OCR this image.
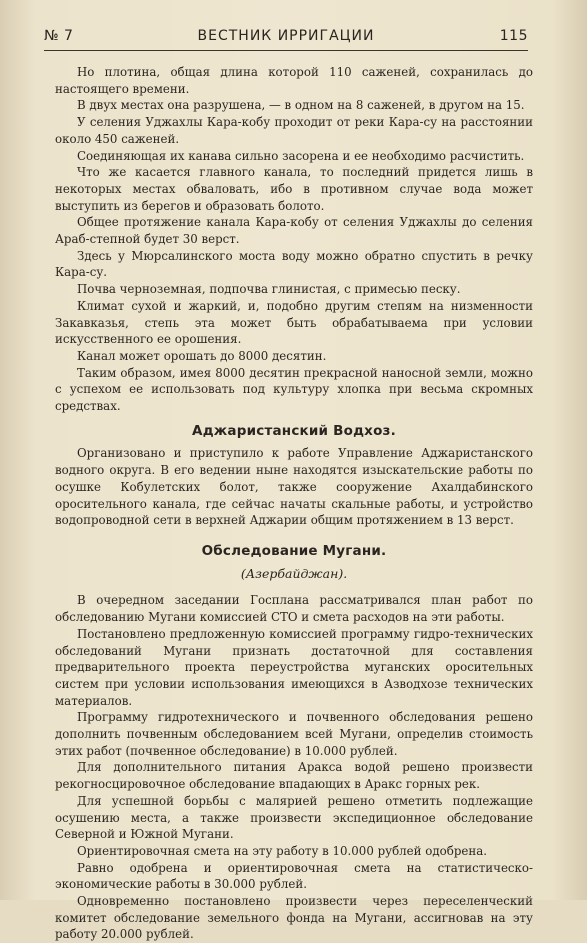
№ 7	ВЕСТНИК ИРРИГАЦИИ	115

Но плотина, общая длина которой 110 саженей, сохранилась до настоящего времени.

В двух местах она разрушена, — в одном на 8 саженей, в другом на 15.

У селения Уджахлы Кара-кобу проходит от реки Кара-су на расстоянии около 450 саженей.

Соединяющая их канава сильно засорена и ее необходимо расчистить.

Что же касается главного канала, то последний придется лишь в некоторых местах обваловать, ибо в противном случае вода может выступить из берегов и образовать болото.

Общее протяжение канала Кара-кобу от селения Уджахлы до селения Араб-степной будет 30 верст.

Здесь у Мюрсалинского моста воду можно обратно спустить в речку Кара-су.

Почва черноземная, подпочва глинистая, с примесью песку.

Климат сухой и жаркий, и, подобно другим степям на низменности Закавказья, степь эта может быть обрабатываема при условии искусственного ее орошения.

Канал может орошать до 8000 десятин.

Таким образом, имея 8000 десятин прекрасной наносной земли, можно с успехом ее использовать под культуру хлопка при весьма скромных средствах.

Аджаристанский Водхоз.

Организовано и приступило к работе Управление Аджаристанского водного округа. В его ведении ныне находятся изыскательские работы по осушке Кобулетских болот, также сооружение Ахалдабинского оросительного канала, где сейчас начаты скальные работы, и устройство водопроводной сети в верхней Аджарии общим протяжением в 13 верст.

Обследование Мугани.
(Азербайджан).

В очередном заседании Госплана рассматривался план работ по обследованию Мугани комиссией СТО и смета расходов на эти работы.

Постановлено предложенную комиссией программу гидро-технических обследований Мугани признать достаточной для составления предварительного проекта переустройства муганских оросительных систем при условии использования имеющихся в Азводхозе технических материалов.

Программу гидротехнического и почвенного обследования решено дополнить почвенным обследованием всей Мугани, определив стоимость этих работ (почвенное обследование) в 10.000 рублей.

Для дополнительного питания Аракса водой решено произвести рекогносцировочное обследование впадающих в Аракс горных рек.

Для успешной борьбы с малярией решено отметить подлежащие осушению места, а также произвести экспедиционное обследование Северной и Южной Мугани.

Ориентировочная смета на эту работу в 10.000 рублей одобрена.

Равно одобрена и ориентировочная смета на статистическо-экономические работы в 30.000 рублей.

Одновременно постановлено произвести через переселенческий комитет обследование земельного фонда на Мугани, ассигновав на эту работу 20.000 рублей.
